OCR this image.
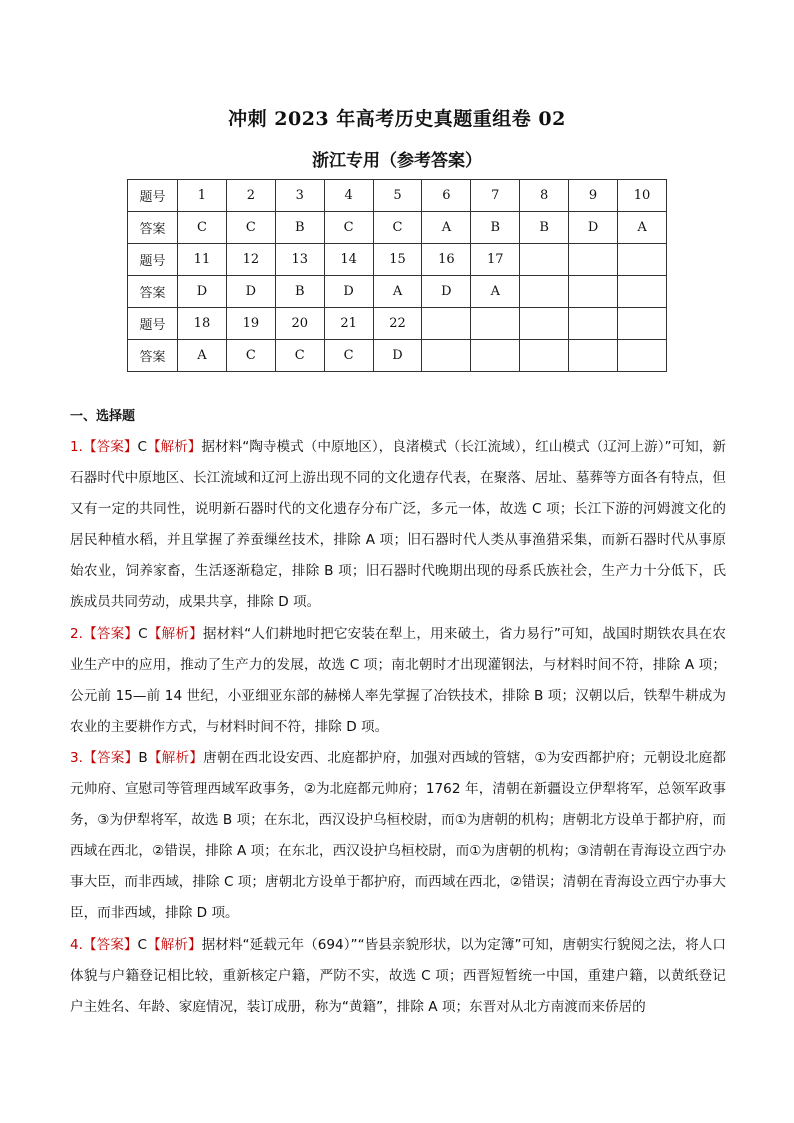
冲刺 2023 年高考历史真题重组卷 02
浙江专用（参考答案）
题号	1	2	3	4	5	6	7	8	9	10
答案	C	C	B	C	C	A	B	B	D	A
题号	11	12	13	14	15	16	17			
答案	D	D	B	D	A	D	A			
题号	18	19	20	21	22					
答案	A	C	C	C	D					
一、选择题

1.【答案】C【解析】据材料“陶寺模式（中原地区），良渚模式（长江流域），红山模式（辽河上游）”可知，新石器时代中原地区、长江流域和辽河上游出现不同的文化遗存代表，在聚落、居址、墓葬等方面各有特点，但又有一定的共同性，说明新石器时代的文化遗存分布广泛，多元一体，故选 C 项；长江下游的河姆渡文化的居民种植水稻，并且掌握了养蚕缫丝技术，排除 A 项；旧石器时代人类从事渔猎采集，而新石器时代从事原始农业，饲养家畜，生活逐渐稳定，排除 B 项；旧石器时代晚期出现的母系氏族社会，生产力十分低下，氏族成员共同劳动，成果共享，排除 D 项。

2.【答案】C【解析】据材料“人们耕地时把它安装在犁上，用来破土，省力易行”可知，战国时期铁农具在农业生产中的应用，推动了生产力的发展，故选 C 项；南北朝时才出现灌钢法，与材料时间不符，排除 A 项；公元前 15—前 14 世纪，小亚细亚东部的赫梯人率先掌握了冶铁技术，排除 B 项；汉朝以后，铁犁牛耕成为农业的主要耕作方式，与材料时间不符，排除 D 项。

3.【答案】B【解析】唐朝在西北设安西、北庭都护府，加强对西域的管辖，①为安西都护府；元朝设北庭都元帅府、宣慰司等管理西域军政事务，②为北庭都元帅府；1762 年，清朝在新疆设立伊犁将军，总领军政事务，③为伊犁将军，故选 B 项；在东北，西汉设护乌桓校尉，而①为唐朝的机构；唐朝北方设单于都护府，而西域在西北，②错误，排除 A 项；在东北，西汉设护乌桓校尉，而①为唐朝的机构；③清朝在青海设立西宁办事大臣，而非西域，排除 C 项；唐朝北方设单于都护府，而西域在西北，②错误；清朝在青海设立西宁办事大臣，而非西域，排除 D 项。

4.【答案】C【解析】据材料“延载元年（694）”“皆县亲貌形状，以为定簿”可知，唐朝实行貌阅之法，将人口体貌与户籍登记相比较，重新核定户籍，严防不实，故选 C 项；西晋短暂统一中国，重建户籍，以黄纸登记户主姓名、年龄、家庭情况，装订成册，称为“黄籍”，排除 A 项；东晋对从北方南渡而来侨居的
